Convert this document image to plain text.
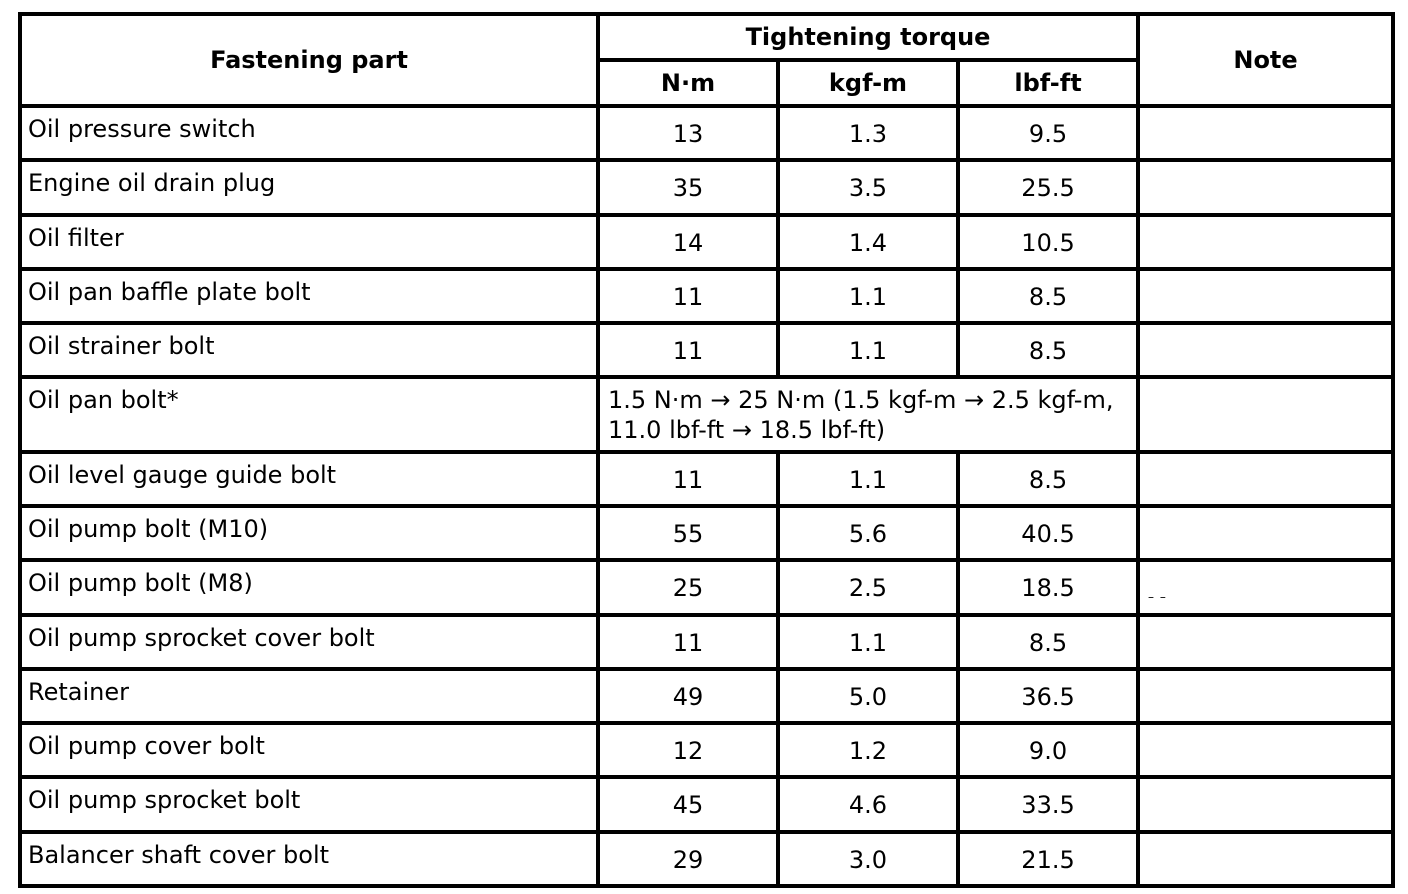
Fastening part	Tightening torque			Note
	N·m	kgf-m	lbf-ft	
Oil pressure switch	13	1.3	9.5	
Engine oil drain plug	35	3.5	25.5	
Oil filter	14	1.4	10.5	
Oil pan baffle plate bolt	11	1.1	8.5	
Oil strainer bolt	11	1.1	8.5	
Oil pan bolt*	1.5 N·m → 25 N·m (1.5 kgf-m → 2.5 kgf-m, 11.0 lbf-ft → 18.5 lbf-ft)			
Oil level gauge guide bolt	11	1.1	8.5	
Oil pump bolt (M10)	55	5.6	40.5	
Oil pump bolt (M8)	25	2.5	18.5	– –
Oil pump sprocket cover bolt	11	1.1	8.5	
Retainer	49	5.0	36.5	
Oil pump cover bolt	12	1.2	9.0	
Oil pump sprocket bolt	45	4.6	33.5	
Balancer shaft cover bolt	29	3.0	21.5	
